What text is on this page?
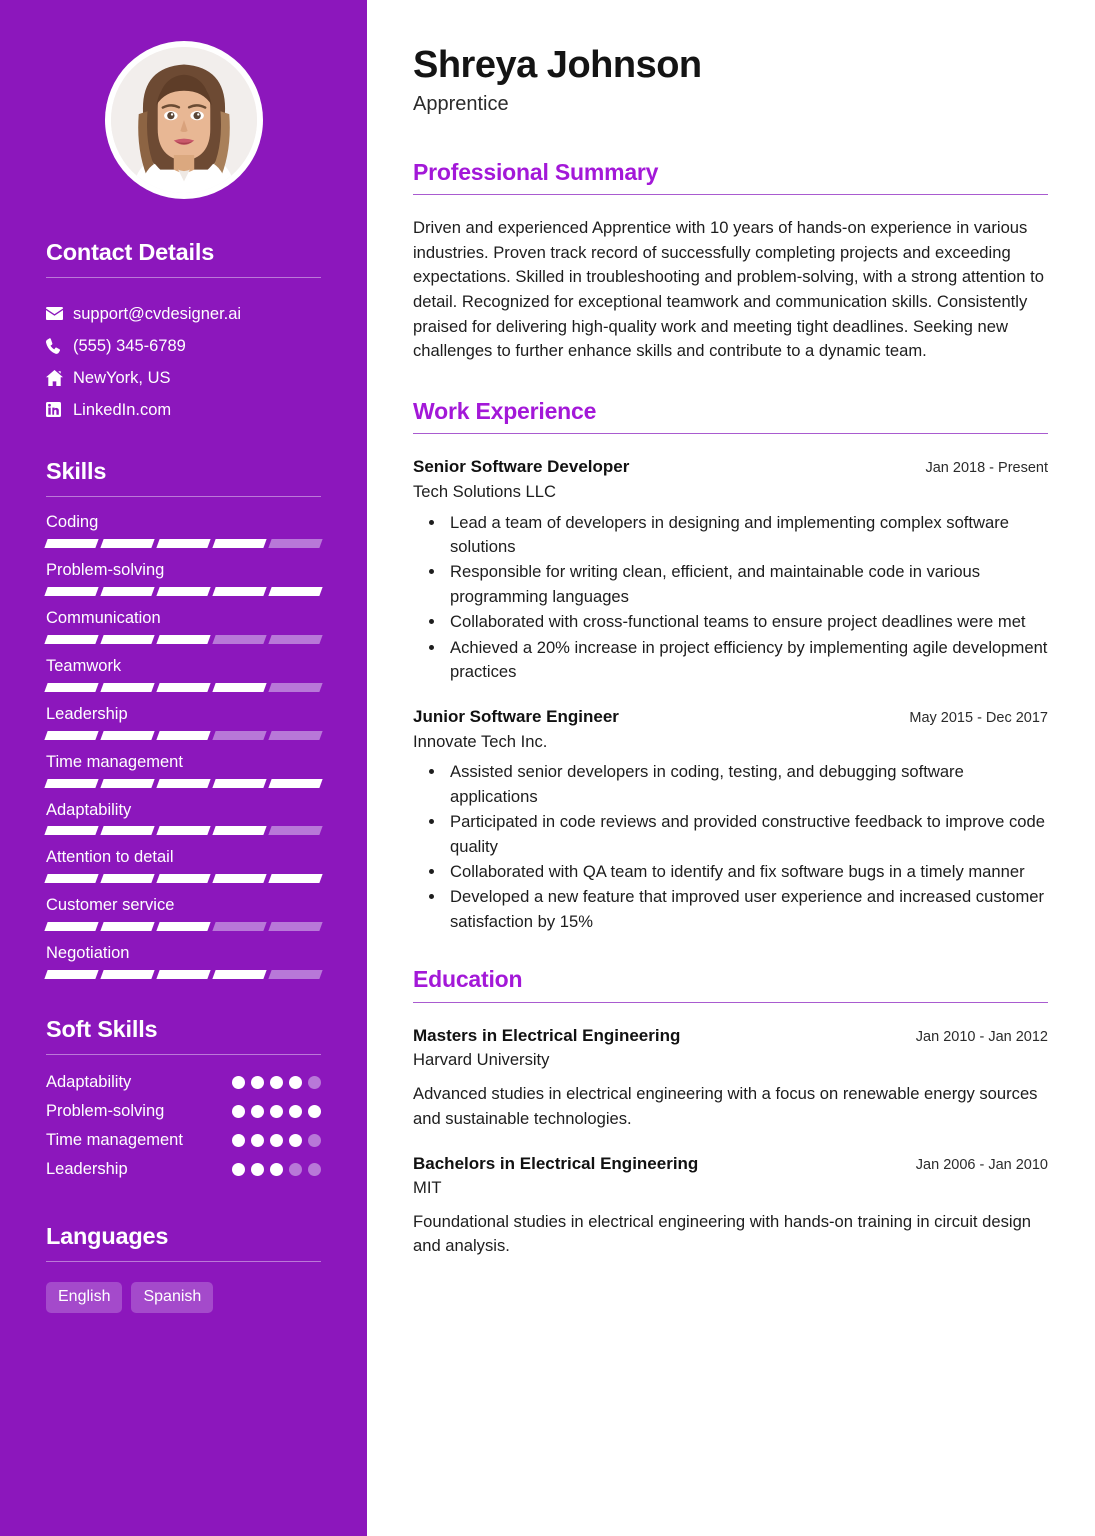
Contact Details
support@cvdesigner.ai
(555) 345-6789
NewYork, US
LinkedIn.com
Skills
Coding
Problem-solving
Communication
Teamwork
Leadership
Time management
Adaptability
Attention to detail
Customer service
Negotiation
Soft Skills
Adaptability
Problem-solving
Time management
Leadership
Languages
English	Spanish
Shreya Johnson
Apprentice
Professional Summary

Driven and experienced Apprentice with 10 years of hands-on experience in various industries. Proven track record of successfully completing projects and exceeding expectations. Skilled in troubleshooting and problem-solving, with a strong attention to detail. Recognized for exceptional teamwork and communication skills. Consistently praised for delivering high-quality work and meeting tight deadlines. Seeking new challenges to further enhance skills and contribute to a dynamic team.

Work Experience
Senior Software Developer	Jan 2018 - Present
Tech Solutions LLC
• Lead a team of developers in designing and implementing complex software solutions
• Responsible for writing clean, efficient, and maintainable code in various programming languages
• Collaborated with cross-functional teams to ensure project deadlines were met
• Achieved a 20% increase in project efficiency by implementing agile development practices
Junior Software Engineer	May 2015 - Dec 2017
Innovate Tech Inc.
• Assisted senior developers in coding, testing, and debugging software applications
• Participated in code reviews and provided constructive feedback to improve code quality
• Collaborated with QA team to identify and fix software bugs in a timely manner
• Developed a new feature that improved user experience and increased customer satisfaction by 15%
Education
Masters in Electrical Engineering	Jan 2010 - Jan 2012
Harvard University
Advanced studies in electrical engineering with a focus on renewable energy sources and sustainable technologies.
Bachelors in Electrical Engineering	Jan 2006 - Jan 2010
MIT
Foundational studies in electrical engineering with hands-on training in circuit design and analysis.
